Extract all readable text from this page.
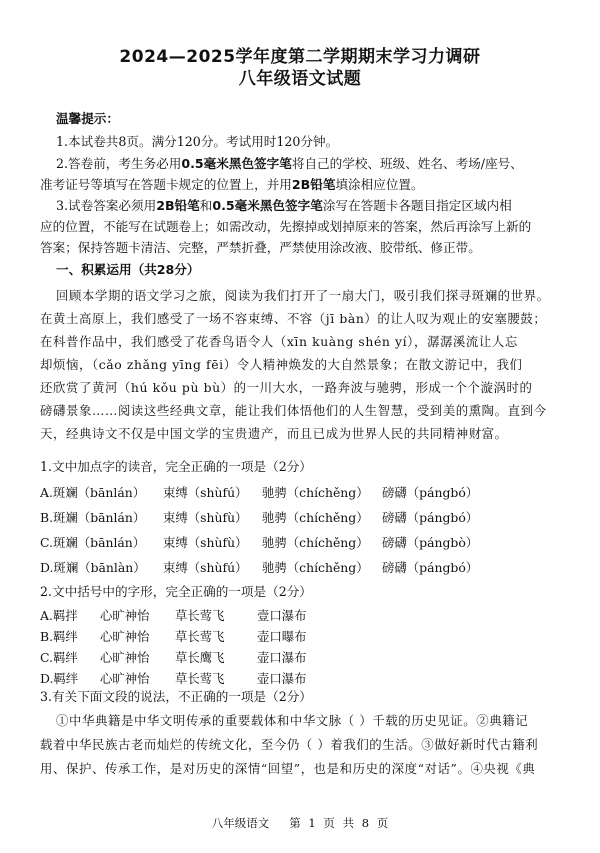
2024—2025学年度第二学期期末学习力调研
八年级语文试题
温馨提示：
1.本试卷共8页。满分120分。考试用时120分钟。
2.答卷前，考生务必用0.5毫米黑色签字笔将自己的学校、班级、姓名、考场/座号、
准考证号等填写在答题卡规定的位置上，并用2B铅笔填涂相应位置。
3.试卷答案必须用2B铅笔和0.5毫米黑色签字笔涂写在答题卡各题目指定区域内相
应的位置，不能写在试题卷上；如需改动，先擦掉或划掉原来的答案，然后再涂写上新的
答案；保持答题卡清洁、完整，严禁折叠，严禁使用涂改液、胶带纸、修正带。
一、积累运用（共28分）
回顾本学期的语文学习之旅，阅读为我们打开了一扇大门，吸引我们探寻斑斓的世界。
在黄土高原上，我们感受了一场不容束缚、不容（jī bàn）的让人叹为观止的安塞腰鼓；
在科普作品中，我们感受了花香鸟语令人（xīn kuàng shén yí），潺潺溪流让人忘
却烦恼，（cǎo zhǎng yīng fēi）令人精神焕发的大自然景象；在散文游记中，我们
还欣赏了黄河（hú kǒu pù bù）的一川大水，一路奔波与驰骋，形成一个个漩涡时的
磅礴景象……阅读这些经典文章，能让我们体悟他们的人生智慧，受到美的熏陶。直到今
天，经典诗文不仅是中国文学的宝贵遗产，而且已成为世界人民的共同精神财富。
1.文中加点字的读音，完全正确的一项是（2分）
A.斑斓（bānlán） 束缚（shùfú） 驰骋（chíchěng） 磅礴（pángbó）
B.斑斓（bānlán） 束缚（shùfù） 驰骋（chíchěng） 磅礴（pángbó）
C.斑斓（bānlán） 束缚（shùfù） 驰骋（chíchěng） 磅礴（pángbò）
D.斑斓（bānlàn） 束缚（shùfú） 驰骋（chíchěng） 磅礴（pángbó）
2.文中括号中的字形，完全正确的一项是（2分）
A.羁拌 心旷神怡 草长莺飞	壹口瀑布
B.羁绊 心旷神怡 草长莺飞	壶口曝布
C.羁绊 心旷神怡 草长鹰飞	壶口瀑布
D.羁绊 心旷神怡 草长莺飞	壶口瀑布
3.有关下面文段的说法，不正确的一项是（2分）
①中华典籍是中华文明传承的重要载体和中华文脉（ ）千载的历史见证。②典籍记
载着中华民族古老而灿烂的传统文化，至今仍（ ）着我们的生活。③做好新时代古籍利
用、保护、传承工作，是对历史的深情“回望”，也是和历史的深度“对话”。④央视《典
八年级语文 第 1 页 共 8 页
